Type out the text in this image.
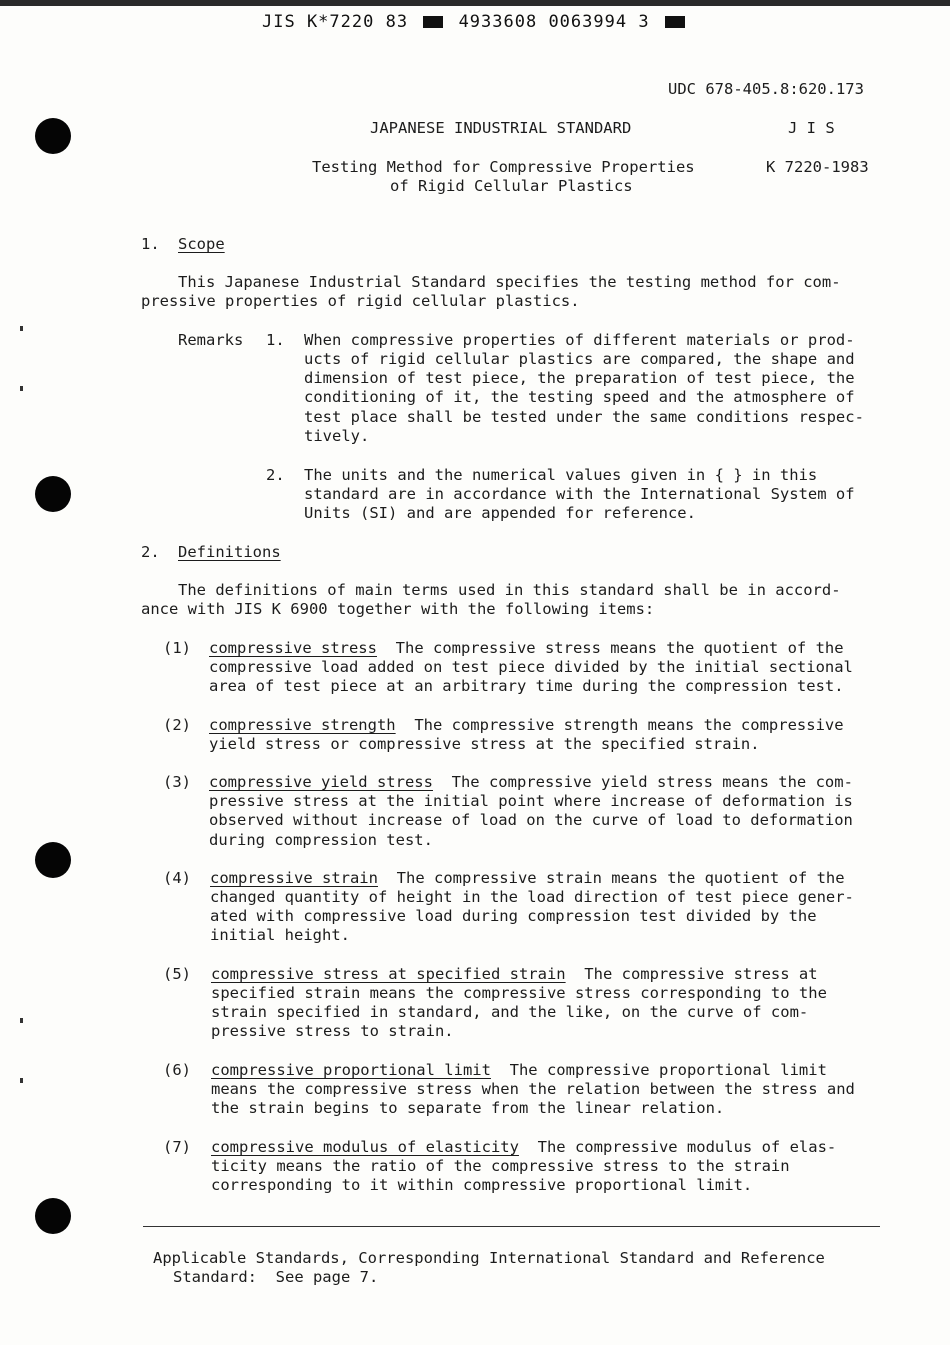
JIS K*7220 83	4933608 0063994 3
UDC 678-405.8:620.173
JAPANESE INDUSTRIAL STANDARD	J I S
Testing Method for Compressive Properties
of Rigid Cellular Plastics
K 7220-1983
1. Scope
This Japanese Industrial Standard specifies the testing method for com-
pressive properties of rigid cellular plastics.
Remarks 1. When compressive properties of different materials or prod-
ucts of rigid cellular plastics are compared, the shape and
dimension of test piece, the preparation of test piece, the
conditioning of it, the testing speed and the atmosphere of
test place shall be tested under the same conditions respec-
tively.
2. The units and the numerical values given in { } in this
standard are in accordance with the International System of
Units (SI) and are appended for reference.
2. Definitions
The definitions of main terms used in this standard shall be in accord-
ance with JIS K 6900 together with the following items:
(1) compressive stress The compressive stress means the quotient of the
compressive load added on test piece divided by the initial sectional
area of test piece at an arbitrary time during the compression test.
(2) compressive strength The compressive strength means the compressive
yield stress or compressive stress at the specified strain.
(3) compressive yield stress The compressive yield stress means the com-
pressive stress at the initial point where increase of deformation is
observed without increase of load on the curve of load to deformation
during compression test.
(4) compressive strain The compressive strain means the quotient of the
changed quantity of height in the load direction of test piece gener-
ated with compressive load during compression test divided by the
initial height.
(5) compressive stress at specified strain The compressive stress at
specified strain means the compressive stress corresponding to the
strain specified in standard, and the like, on the curve of com-
pressive stress to strain.
(6) compressive proportional limit The compressive proportional limit
means the compressive stress when the relation between the stress and
the strain begins to separate from the linear relation.
(7) compressive modulus of elasticity The compressive modulus of elas-
ticity means the ratio of the compressive stress to the strain
corresponding to it within compressive proportional limit.
Applicable Standards, Corresponding International Standard and Reference
Standard:  See page 7.
